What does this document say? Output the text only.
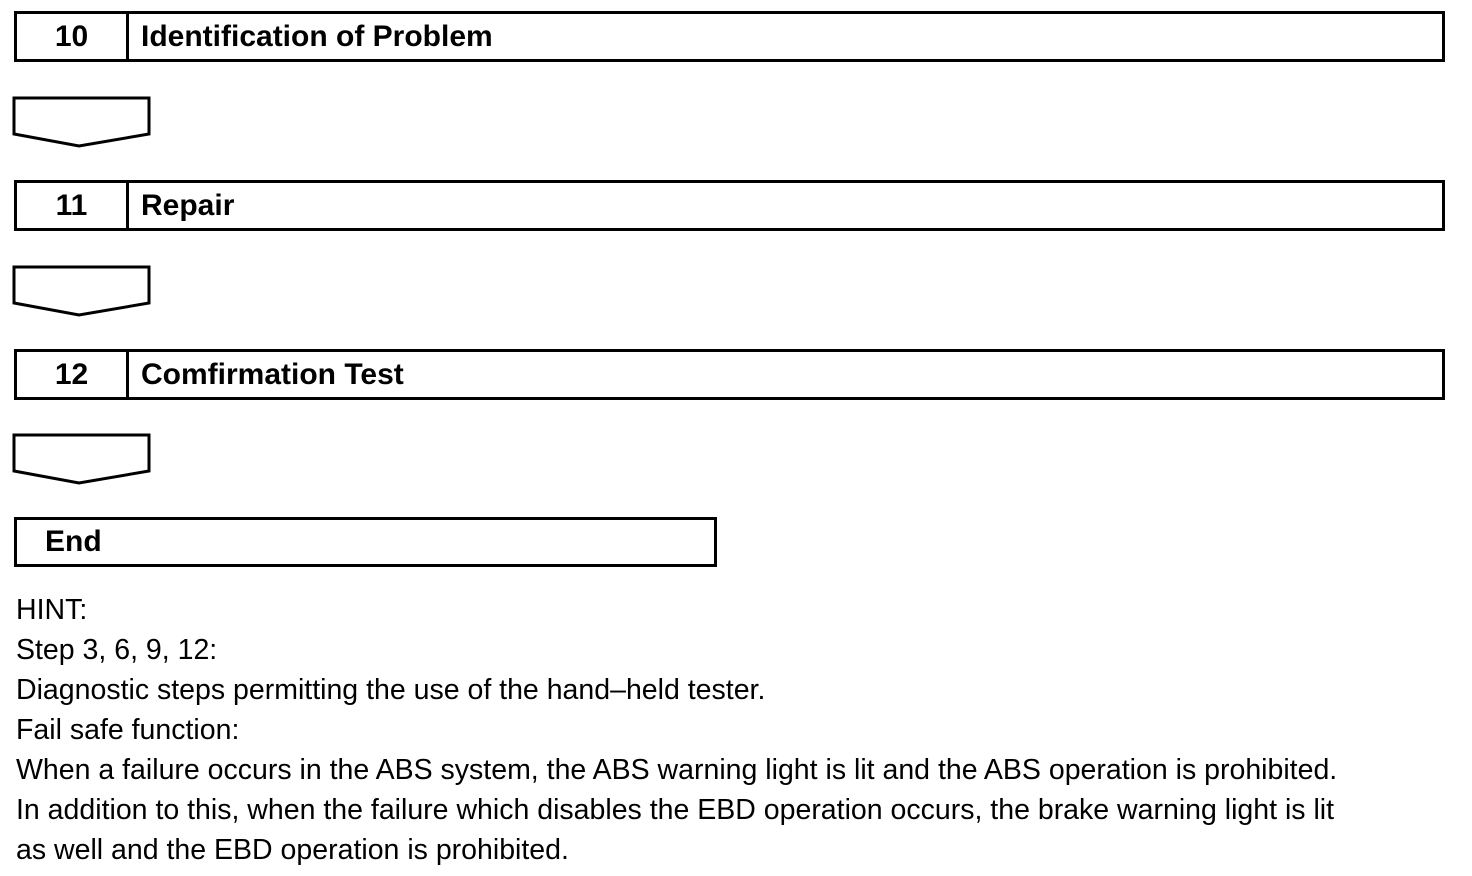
10	Identification of Problem
11	Repair
12	Comfirmation Test
End
HINT:
Step 3, 6, 9, 12:
Diagnostic steps permitting the use of the hand–held tester.
Fail safe function:
When a failure occurs in the ABS system, the ABS warning light is lit and the ABS operation is prohibited.
In addition to this, when the failure which disables the EBD operation occurs, the brake warning light is lit
as well and the EBD operation is prohibited.
